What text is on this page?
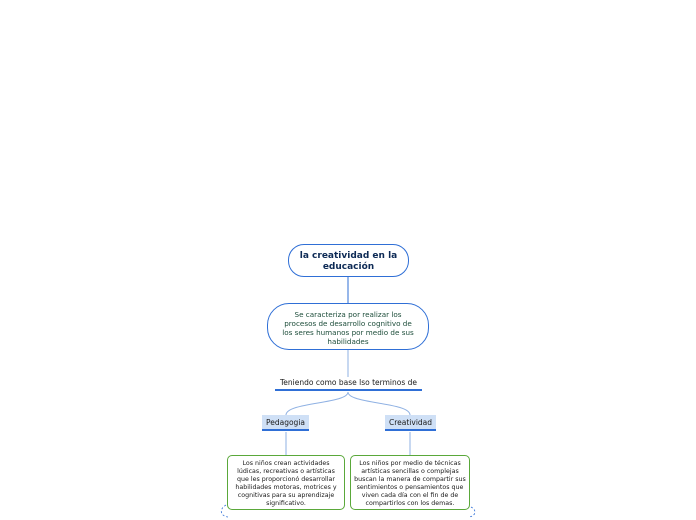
la creatividad en la educación
Se caracteriza por realizar los procesos de desarrollo cognitivo de los seres humanos por medio de sus habilidades
Teniendo como base lso terminos de
Pedagogia	Creatividad
Los niños crean actividades lúdicas, recreativas o artísticas que les proporcionó desarrollar habilidades motoras, motrices y cognitivas para su aprendizaje significativo.
Los niños por medio de técnicas artísticas sencillas o complejas buscan la manera de compartir sus sentimientos o pensamientos que viven cada día con el fin de de compartirlos con los demas.
